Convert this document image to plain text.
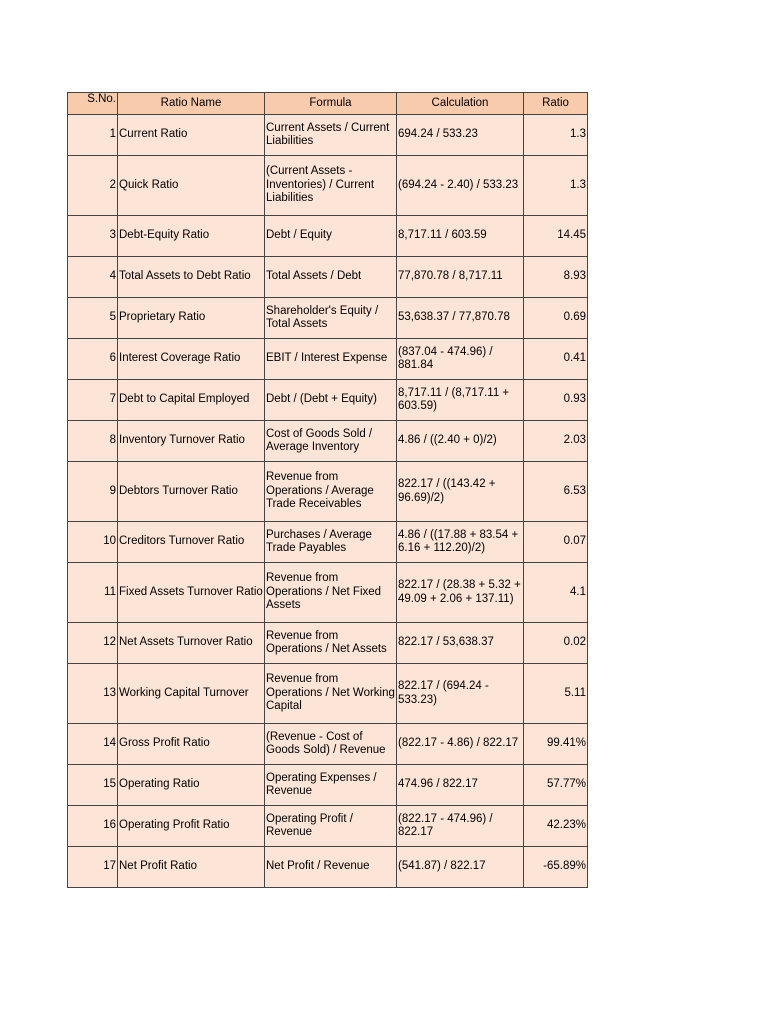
S.No.	Ratio Name	Formula	Calculation	Ratio
1	Current Ratio	Current Assets / Current Liabilities	694.24 / 533.23	1.3
2	Quick Ratio	(Current Assets - Inventories) / Current Liabilities	(694.24 - 2.40) / 533.23	1.3
3	Debt-Equity Ratio	Debt / Equity	8,717.11 / 603.59	14.45
4	Total Assets to Debt Ratio	Total Assets / Debt	77,870.78 / 8,717.11	8.93
5	Proprietary Ratio	Shareholder's Equity / Total Assets	53,638.37 / 77,870.78	0.69
6	Interest Coverage Ratio	EBIT / Interest Expense	(837.04 - 474.96) / 881.84	0.41
7	Debt to Capital Employed	Debt / (Debt + Equity)	8,717.11 / (8,717.11 + 603.59)	0.93
8	Inventory Turnover Ratio	Cost of Goods Sold / Average Inventory	4.86 / ((2.40 + 0)/2)	2.03
9	Debtors Turnover Ratio	Revenue from Operations / Average Trade Receivables	822.17 / ((143.42 + 96.69)/2)	6.53
10	Creditors Turnover Ratio	Purchases / Average Trade Payables	4.86 / ((17.88 + 83.54 + 6.16 + 112.20)/2)	0.07
11	Fixed Assets Turnover Ratio	Revenue from Operations / Net Fixed Assets	822.17 / (28.38 + 5.32 + 49.09 + 2.06 + 137.11)	4.1
12	Net Assets Turnover Ratio	Revenue from Operations / Net Assets	822.17 / 53,638.37	0.02
13	Working Capital Turnover	Revenue from Operations / Net Working Capital	822.17 / (694.24 - 533.23)	5.11
14	Gross Profit Ratio	(Revenue - Cost of Goods Sold) / Revenue	(822.17 - 4.86) / 822.17	99.41%
15	Operating Ratio	Operating Expenses / Revenue	474.96 / 822.17	57.77%
16	Operating Profit Ratio	Operating Profit / Revenue	(822.17 - 474.96) / 822.17	42.23%
17	Net Profit Ratio	Net Profit / Revenue	(541.87) / 822.17	-65.89%
